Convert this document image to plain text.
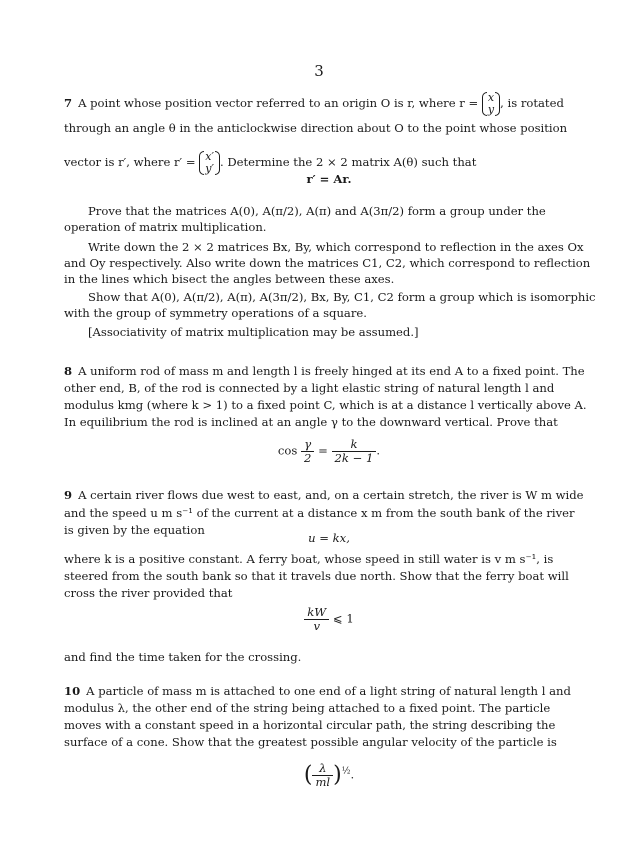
3
7 A point whose position vector referred to an origin O is r, where r = x
y , is rotated
through an angle θ in the anticlockwise direction about O to the point whose position
vector is r′, where r′ = x′
y′ . Determine the 2 × 2 matrix A(θ) such that
r′ = Ar.
Prove that the matrices A(0), A(π/2), A(π) and A(3π/2) form a group under the
operation of matrix multiplication.
Write down the 2 × 2 matrices Bx, By, which correspond to reflection in the axes Ox
and Oy respectively. Also write down the matrices C1, C2, which correspond to reflection
in the lines which bisect the angles between these axes.
Show that A(0), A(π/2), A(π), A(3π/2), Bx, By, C1, C2 form a group which is isomorphic
with the group of symmetry operations of a square.
[Associativity of matrix multiplication may be assumed.]
8 A uniform rod of mass m and length l is freely hinged at its end A to a fixed point. The
other end, B, of the rod is connected by a light elastic string of natural length l and
modulus kmg (where k > 1) to a fixed point C, which is at a distance l vertically above A.
In equilibrium the rod is inclined at an angle γ to the downward vertical. Prove that
$\cos \frac{\gamma}{2} = \frac{k}{2k - 1}$ .
9 A certain river flows due west to east, and, on a certain stretch, the river is W m wide
and the speed u m s⁻¹ of the current at a distance x m from the south bank of the river
is given by the equation
u = kx,
where k is a positive constant. A ferry boat, whose speed in still water is v m s⁻¹, is
steered from the south bank so that it travels due north. Show that the ferry boat will
cross the river provided that
$\frac{kW}{v}$ ⩽ 1
and find the time taken for the crossing.
10 A particle of mass m is attached to one end of a light string of natural length l and
modulus λ, the other end of the string being attached to a fixed point. The particle
moves with a constant speed in a horizontal circular path, the string describing the
surface of a cone. Show that the greatest possible angular velocity of the particle is
( $\frac{\lambda}{ml} )^{\frac{1}{2}}$.
